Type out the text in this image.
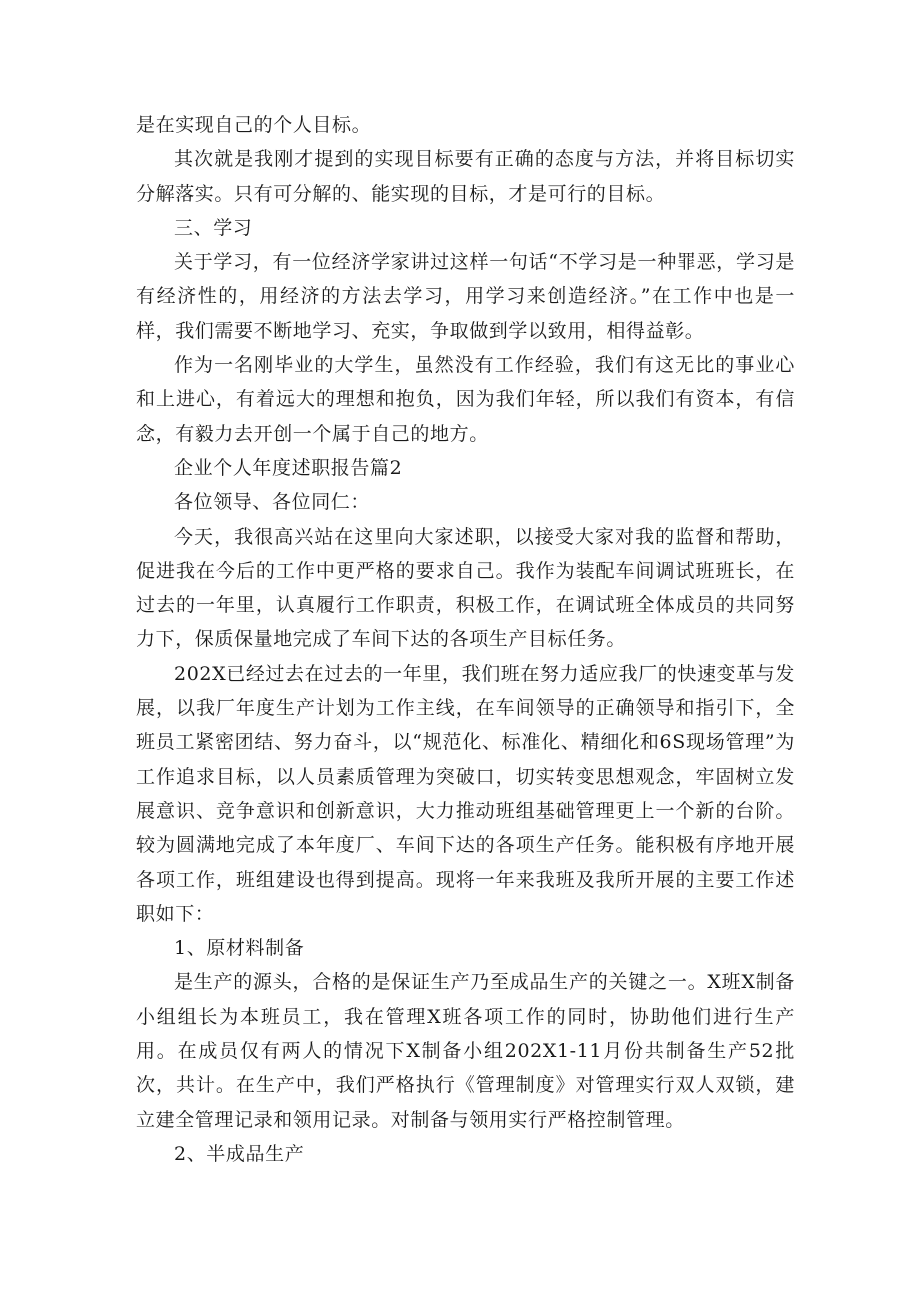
是在实现自己的个人目标。

其次就是我刚才提到的实现目标要有正确的态度与方法，并将目标切实分解落实。只有可分解的、能实现的目标，才是可行的目标。

三、学习

关于学习，有一位经济学家讲过这样一句话“不学习是一种罪恶，学习是有经济性的，用经济的方法去学习，用学习来创造经济。”在工作中也是一样，我们需要不断地学习、充实，争取做到学以致用，相得益彰。

作为一名刚毕业的大学生，虽然没有工作经验，我们有这无比的事业心和上进心，有着远大的理想和抱负，因为我们年轻，所以我们有资本，有信念，有毅力去开创一个属于自己的地方。

企业个人年度述职报告篇2

各位领导、各位同仁：

今天，我很高兴站在这里向大家述职，以接受大家对我的监督和帮助，促进我在今后的工作中更严格的要求自己。我作为装配车间调试班班长，在过去的一年里，认真履行工作职责，积极工作，在调试班全体成员的共同努力下，保质保量地完成了车间下达的各项生产目标任务。

202X已经过去在过去的一年里，我们班在努力适应我厂的快速变革与发展，以我厂年度生产计划为工作主线，在车间领导的正确领导和指引下，全班员工紧密团结、努力奋斗，以“规范化、标准化、精细化和6S现场管理”为工作追求目标，以人员素质管理为突破口，切实转变思想观念，牢固树立发展意识、竞争意识和创新意识，大力推动班组基础管理更上一个新的台阶。较为圆满地完成了本年度厂、车间下达的各项生产任务。能积极有序地开展各项工作，班组建设也得到提高。现将一年来我班及我所开展的主要工作述职如下：

1、原材料制备

是生产的源头，合格的是保证生产乃至成品生产的关键之一。X班X制备小组组长为本班员工，我在管理X班各项工作的同时，协助他们进行生产用。在成员仅有两人的情况下X制备小组202X1-11月份共制备生产52批次，共计。在生产中，我们严格执行《管理制度》对管理实行双人双锁，建立建全管理记录和领用记录。对制备与领用实行严格控制管理。

2、半成品生产
